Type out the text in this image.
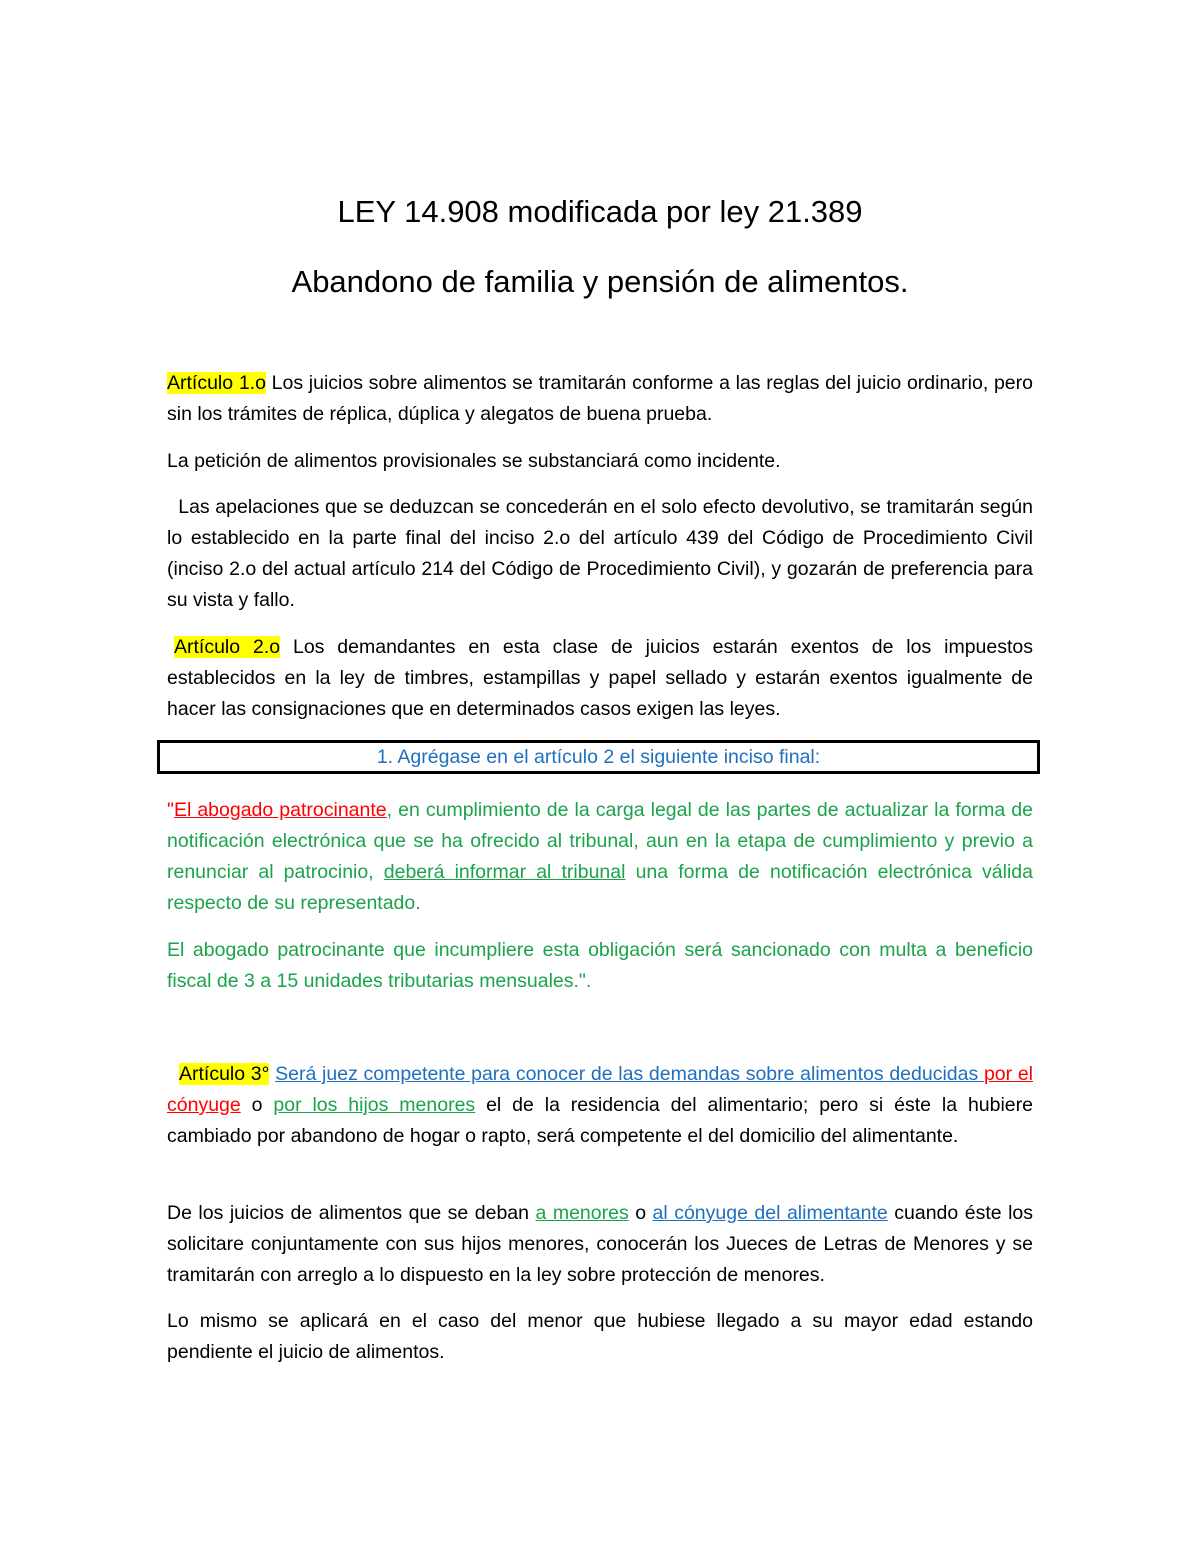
LEY 14.908 modificada por ley 21.389
Abandono de familia y pensión de alimentos.
Artículo 1.o Los juicios sobre alimentos se tramitarán conforme a las reglas del juicio ordinario, pero sin los trámites de réplica, dúplica y alegatos de buena prueba.
La petición de alimentos provisionales se substanciará como incidente.
Las apelaciones que se deduzcan se concederán en el solo efecto devolutivo, se tramitarán según lo establecido en la parte final del inciso 2.o del artículo 439 del Código de Procedimiento Civil (inciso 2.o del actual artículo 214 del Código de Procedimiento Civil), y gozarán de preferencia para su vista y fallo.
Artículo 2.o Los demandantes en esta clase de juicios estarán exentos de los impuestos establecidos en la ley de timbres, estampillas y papel sellado y estarán exentos igualmente de hacer las consignaciones que en determinados casos exigen las leyes.
1. Agrégase en el artículo 2 el siguiente inciso final:
"El abogado patrocinante, en cumplimiento de la carga legal de las partes de actualizar la forma de notificación electrónica que se ha ofrecido al tribunal, aun en la etapa de cumplimiento y previo a renunciar al patrocinio, deberá informar al tribunal una forma de notificación electrónica válida respecto de su representado.
El abogado patrocinante que incumpliere esta obligación será sancionado con multa a beneficio fiscal de 3 a 15 unidades tributarias mensuales.".
Artículo 3° Será juez competente para conocer de las demandas sobre alimentos deducidas por el cónyuge o por los hijos menores el de la residencia del alimentario; pero si éste la hubiere cambiado por abandono de hogar o rapto, será competente el del domicilio del alimentante.
De los juicios de alimentos que se deban a menores o al cónyuge del alimentante cuando éste los solicitare conjuntamente con sus hijos menores, conocerán los Jueces de Letras de Menores y se tramitarán con arreglo a lo dispuesto en la ley sobre protección de menores.
Lo mismo se aplicará en el caso del menor que hubiese llegado a su mayor edad estando pendiente el juicio de alimentos.
